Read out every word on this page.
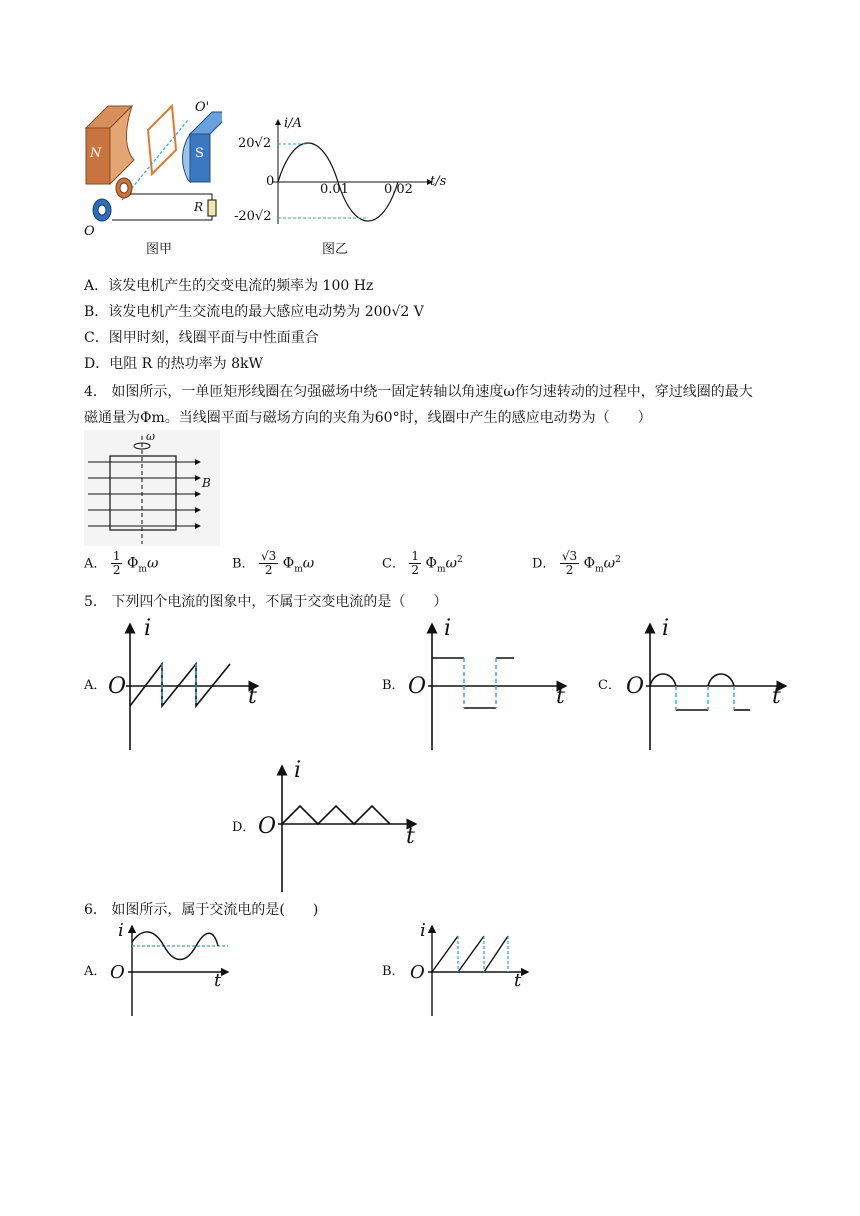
N	S
O'
O
R
图甲
i/A
20√2
0
0.01	0.02
t/s
-20√2
图乙
A．该发电机产生的交变电流的频率为 100 Hz
B．该发电机产生交流电的最大感应电动势为 200√2 V
C．图甲时刻，线圈平面与中性面重合
D．电阻 R 的热功率为 8kW
4． 如图所示，一单匝矩形线圈在匀强磁场中绕一固定转轴以角速度ω作匀速转动的过程中，穿过线圈的最大
磁通量为Φm。当线圈平面与磁场方向的夹角为60°时，线圈中产生的感应电动势为（　　）
ω
B
A． $\frac{1}{2} \Phi_m\omega$	B． $\frac{√3}{2} \Phi_m\omega$	C． $\frac{1}{2} \Phi_m\omega^2$	D． $\frac{√3}{2} \Phi_m\omega^2$
5． 下列四个电流的图象中，不属于交变电流的是（　　）
A．
i
O	t	B．
i
O	t	C．
i
O	t
D．
i
O	t
6． 如图所示，属于交流电的是(　　)
A．
i
O	t	B．
i
O	t
